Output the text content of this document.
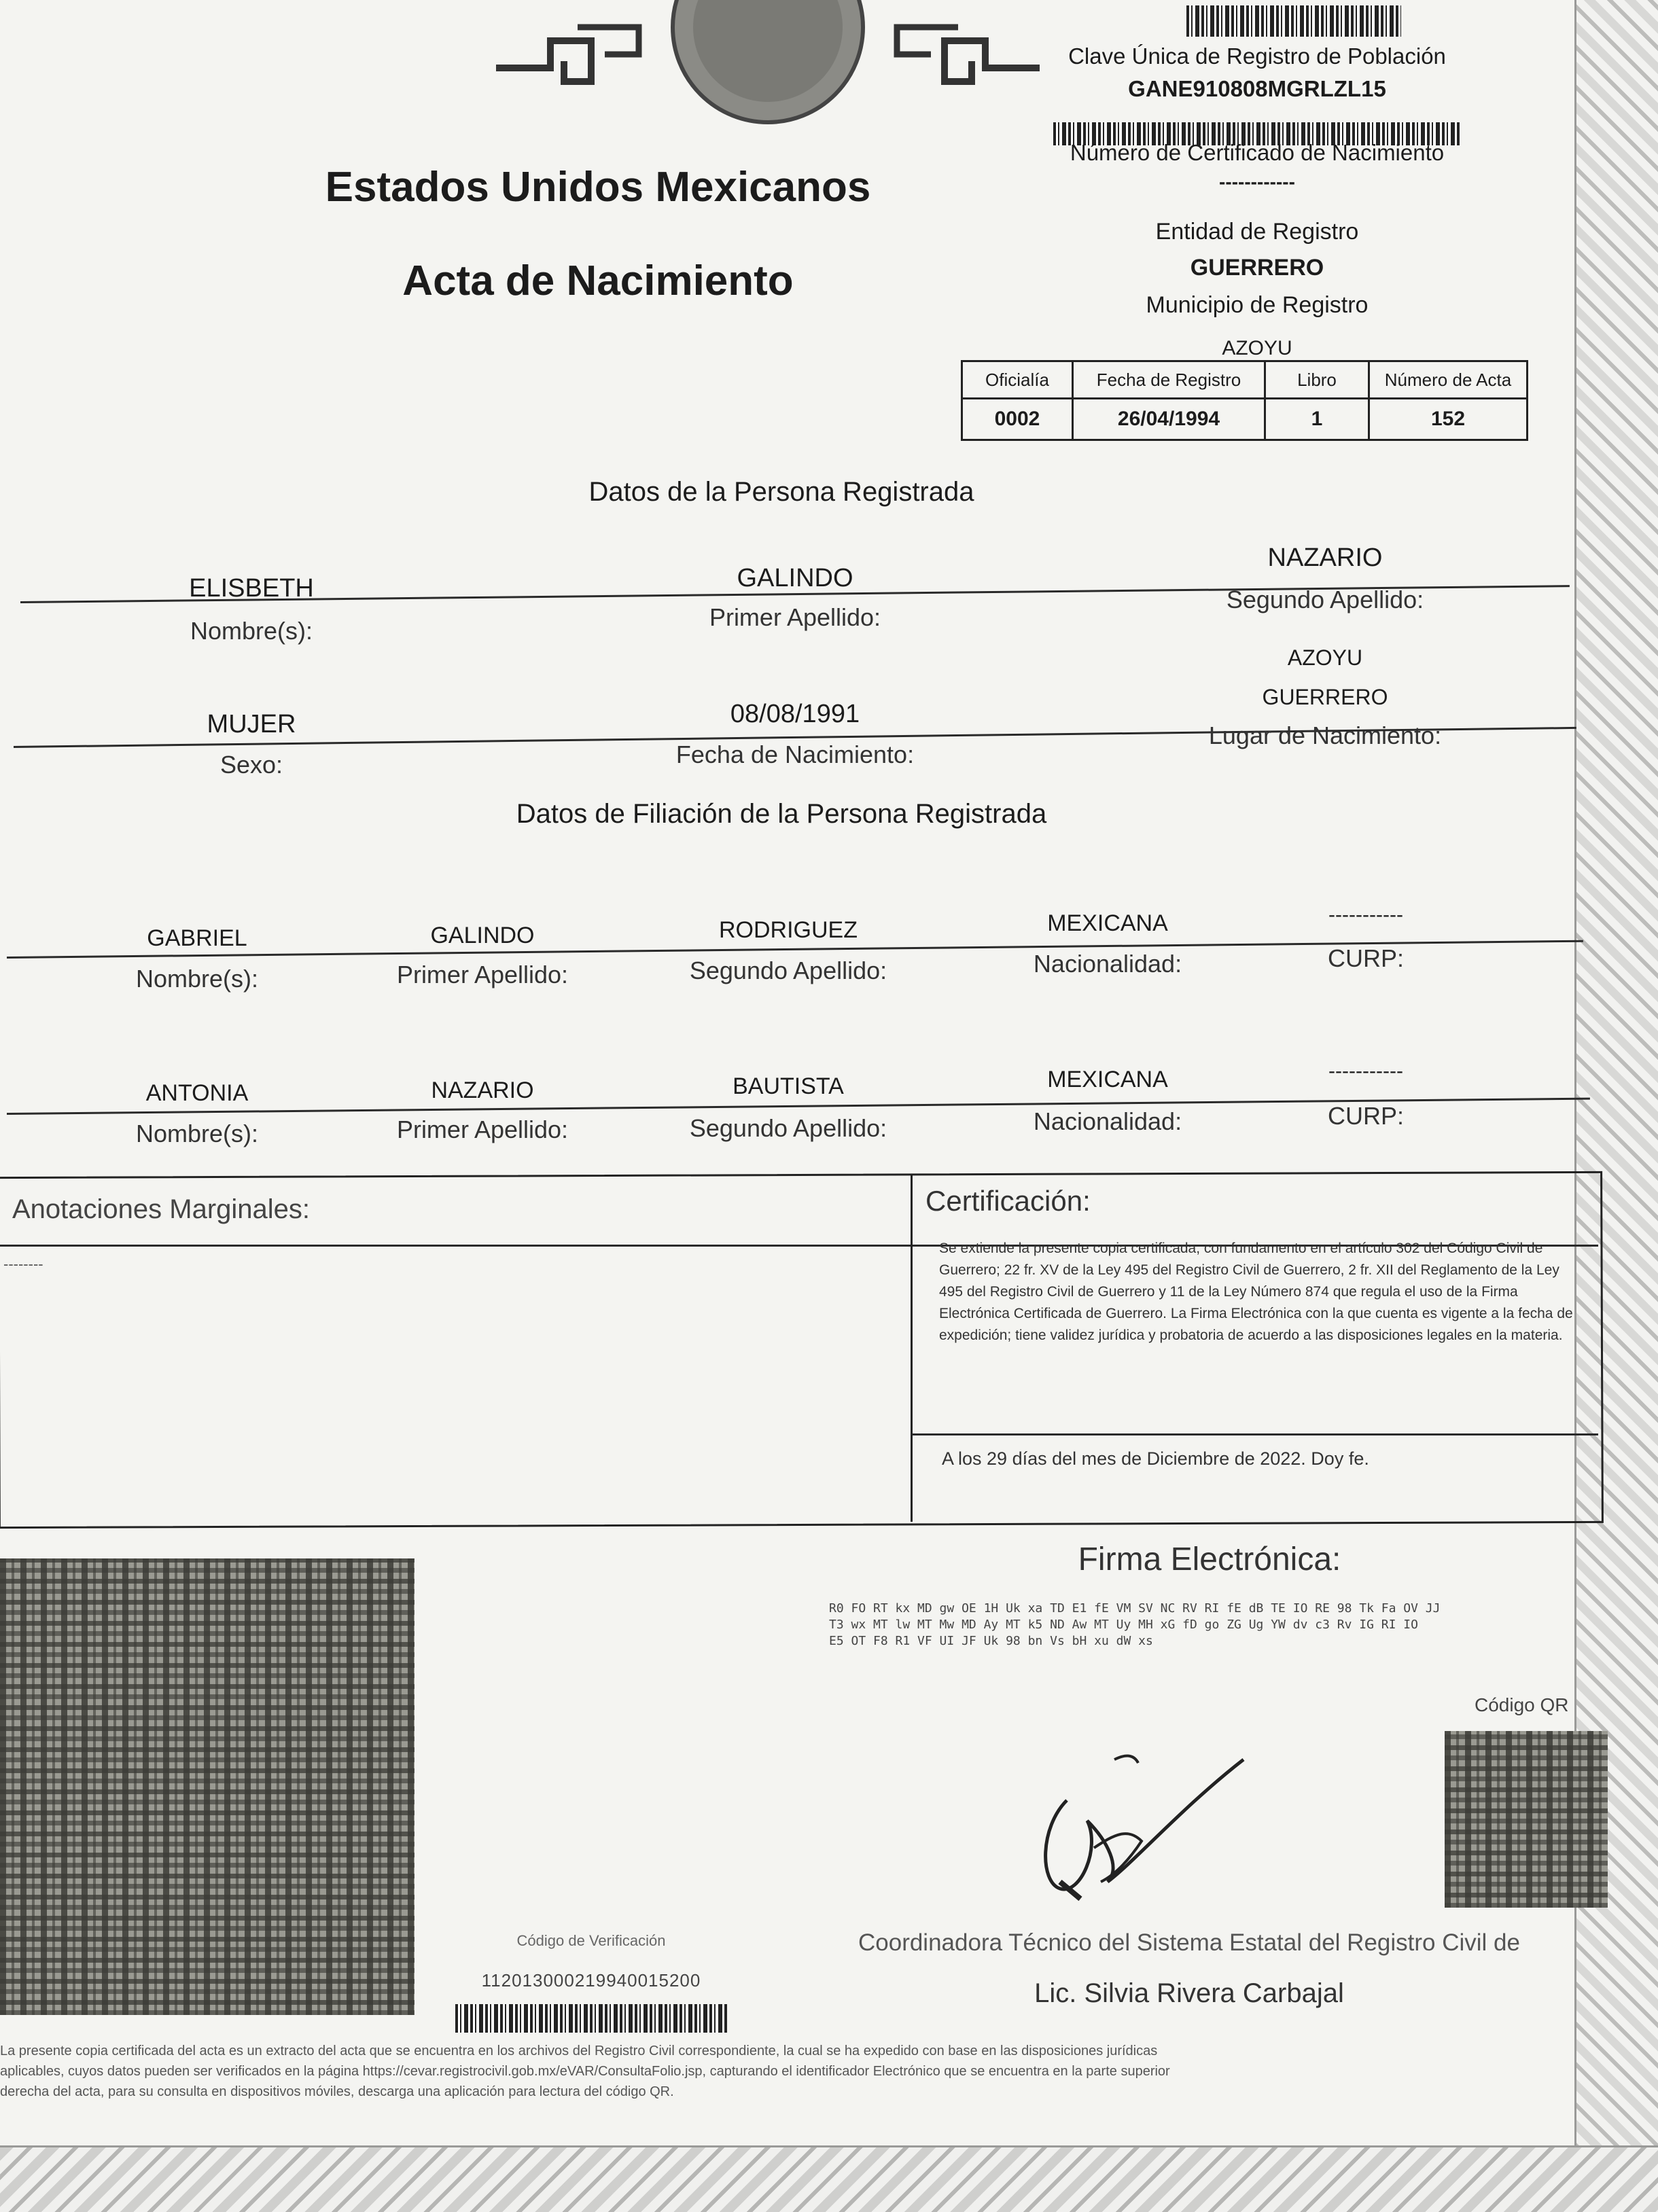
Clave Única de Registro de Población
GANE910808MGRLZL15
Número de Certificado de Nacimiento
------------
Entidad de Registro
GUERRERO
Municipio de Registro
AZOYU
Estados Unidos Mexicanos
Acta de Nacimiento
Oficialía	Fecha de Registro	Libro	Número de Acta
0002	26/04/1994	1	152
Datos de la Persona Registrada
ELISBETH	GALINDO
NAZARIO
Nombre(s):	Primer Apellido:
Segundo Apellido:
AZOYU
GUERRERO
MUJER	08/08/1991
Sexo:	Fecha de Nacimiento:
Lugar de Nacimiento:
Datos de Filiación de la Persona Registrada
GABRIEL	GALINDO	RODRIGUEZ	MEXICANA	-----------
Nombre(s):	Primer Apellido:	Segundo Apellido:	Nacionalidad:	CURP:
ANTONIA	NAZARIO	BAUTISTA	MEXICANA	-----------
Nombre(s):	Primer Apellido:	Segundo Apellido:	Nacionalidad:	CURP:
Anotaciones Marginales:
--------
Certificación:
Se extiende la presente copia certificada, con fundamento en el artículo 302 del Código Civil de Guerrero; 22 fr. XV de la Ley 495 del Registro Civil de Guerrero, 2 fr. XII del Reglamento de la Ley 495 del Registro Civil de Guerrero y 11 de la Ley Número 874 que regula el uso de la Firma Electrónica Certificada de Guerrero. La Firma Electrónica con la que cuenta es vigente a la fecha de expedición; tiene validez jurídica y probatoria de acuerdo a las disposiciones legales en la materia.
A los 29 días del mes de Diciembre de 2022. Doy fe.
Firma Electrónica:
R0 FO RT kx MD gw OE 1H Uk xa TD E1 fE VM SV NC RV RI fE dB TE IO RE 98 Tk Fa OV JJ
T3 wx MT lw MT Mw MD Ay MT k5 ND Aw MT Uy MH xG fD go ZG Ug YW dv c3 Rv IG RI IO
E5 OT F8 R1 VF UI JF Uk 98 bn Vs bH xu dW xs
Código QR
Coordinadora Técnico del Sistema Estatal del Registro Civil de
Lic. Silvia Rivera Carbajal
Código de Verificación
112013000219940015200
La presente copia certificada del acta es un extracto del acta que se encuentra en los archivos del Registro Civil correspondiente, la cual se ha expedido con base en las disposiciones jurídicas
aplicables, cuyos datos pueden ser verificados en la página https://cevar.registrocivil.gob.mx/eVAR/ConsultaFolio.jsp, capturando el identificador Electrónico que se encuentra en la parte superior
derecha del acta, para su consulta en dispositivos móviles, descarga una aplicación para lectura del código QR.
